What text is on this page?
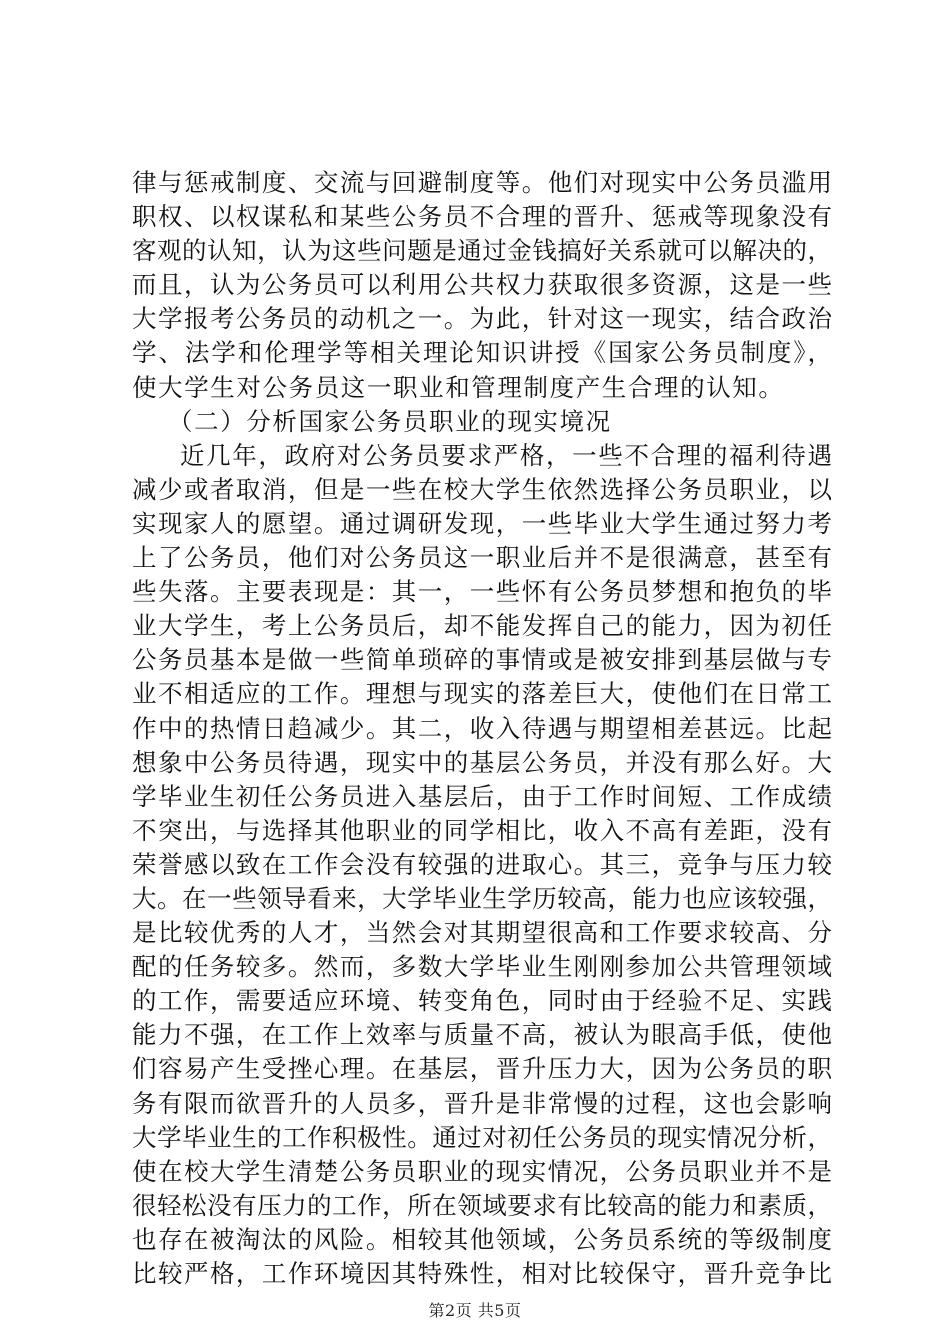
律与惩戒制度、交流与回避制度等。他们对现实中公务员滥用
职权、以权谋私和某些公务员不合理的晋升、惩戒等现象没有
客观的认知，认为这些问题是通过金钱搞好关系就可以解决的，
而且，认为公务员可以利用公共权力获取很多资源，这是一些
大学报考公务员的动机之一。为此，针对这一现实，结合政治
学、法学和伦理学等相关理论知识讲授《国家公务员制度》，
使大学生对公务员这一职业和管理制度产生合理的认知。
（二）分析国家公务员职业的现实境况
近几年，政府对公务员要求严格，一些不合理的福利待遇
减少或者取消，但是一些在校大学生依然选择公务员职业，以
实现家人的愿望。通过调研发现，一些毕业大学生通过努力考
上了公务员，他们对公务员这一职业后并不是很满意，甚至有
些失落。主要表现是：其一，一些怀有公务员梦想和抱负的毕
业大学生，考上公务员后，却不能发挥自己的能力，因为初任
公务员基本是做一些简单琐碎的事情或是被安排到基层做与专
业不相适应的工作。理想与现实的落差巨大，使他们在日常工
作中的热情日趋减少。其二，收入待遇与期望相差甚远。比起
想象中公务员待遇，现实中的基层公务员，并没有那么好。大
学毕业生初任公务员进入基层后，由于工作时间短、工作成绩
不突出，与选择其他职业的同学相比，收入不高有差距，没有
荣誉感以致在工作会没有较强的进取心。其三，竞争与压力较
大。在一些领导看来，大学毕业生学历较高，能力也应该较强，
是比较优秀的人才，当然会对其期望很高和工作要求较高、分
配的任务较多。然而，多数大学毕业生刚刚参加公共管理领域
的工作，需要适应环境、转变角色，同时由于经验不足、实践
能力不强，在工作上效率与质量不高，被认为眼高手低，使他
们容易产生受挫心理。在基层，晋升压力大，因为公务员的职
务有限而欲晋升的人员多，晋升是非常慢的过程，这也会影响
大学毕业生的工作积极性。通过对初任公务员的现实情况分析，
使在校大学生清楚公务员职业的现实情况，公务员职业并不是
很轻松没有压力的工作，所在领域要求有比较高的能力和素质，
也存在被淘汰的风险。相较其他领域，公务员系统的等级制度
比较严格，工作环境因其特殊性，相对比较保守，晋升竞争比
第2页 共5页
